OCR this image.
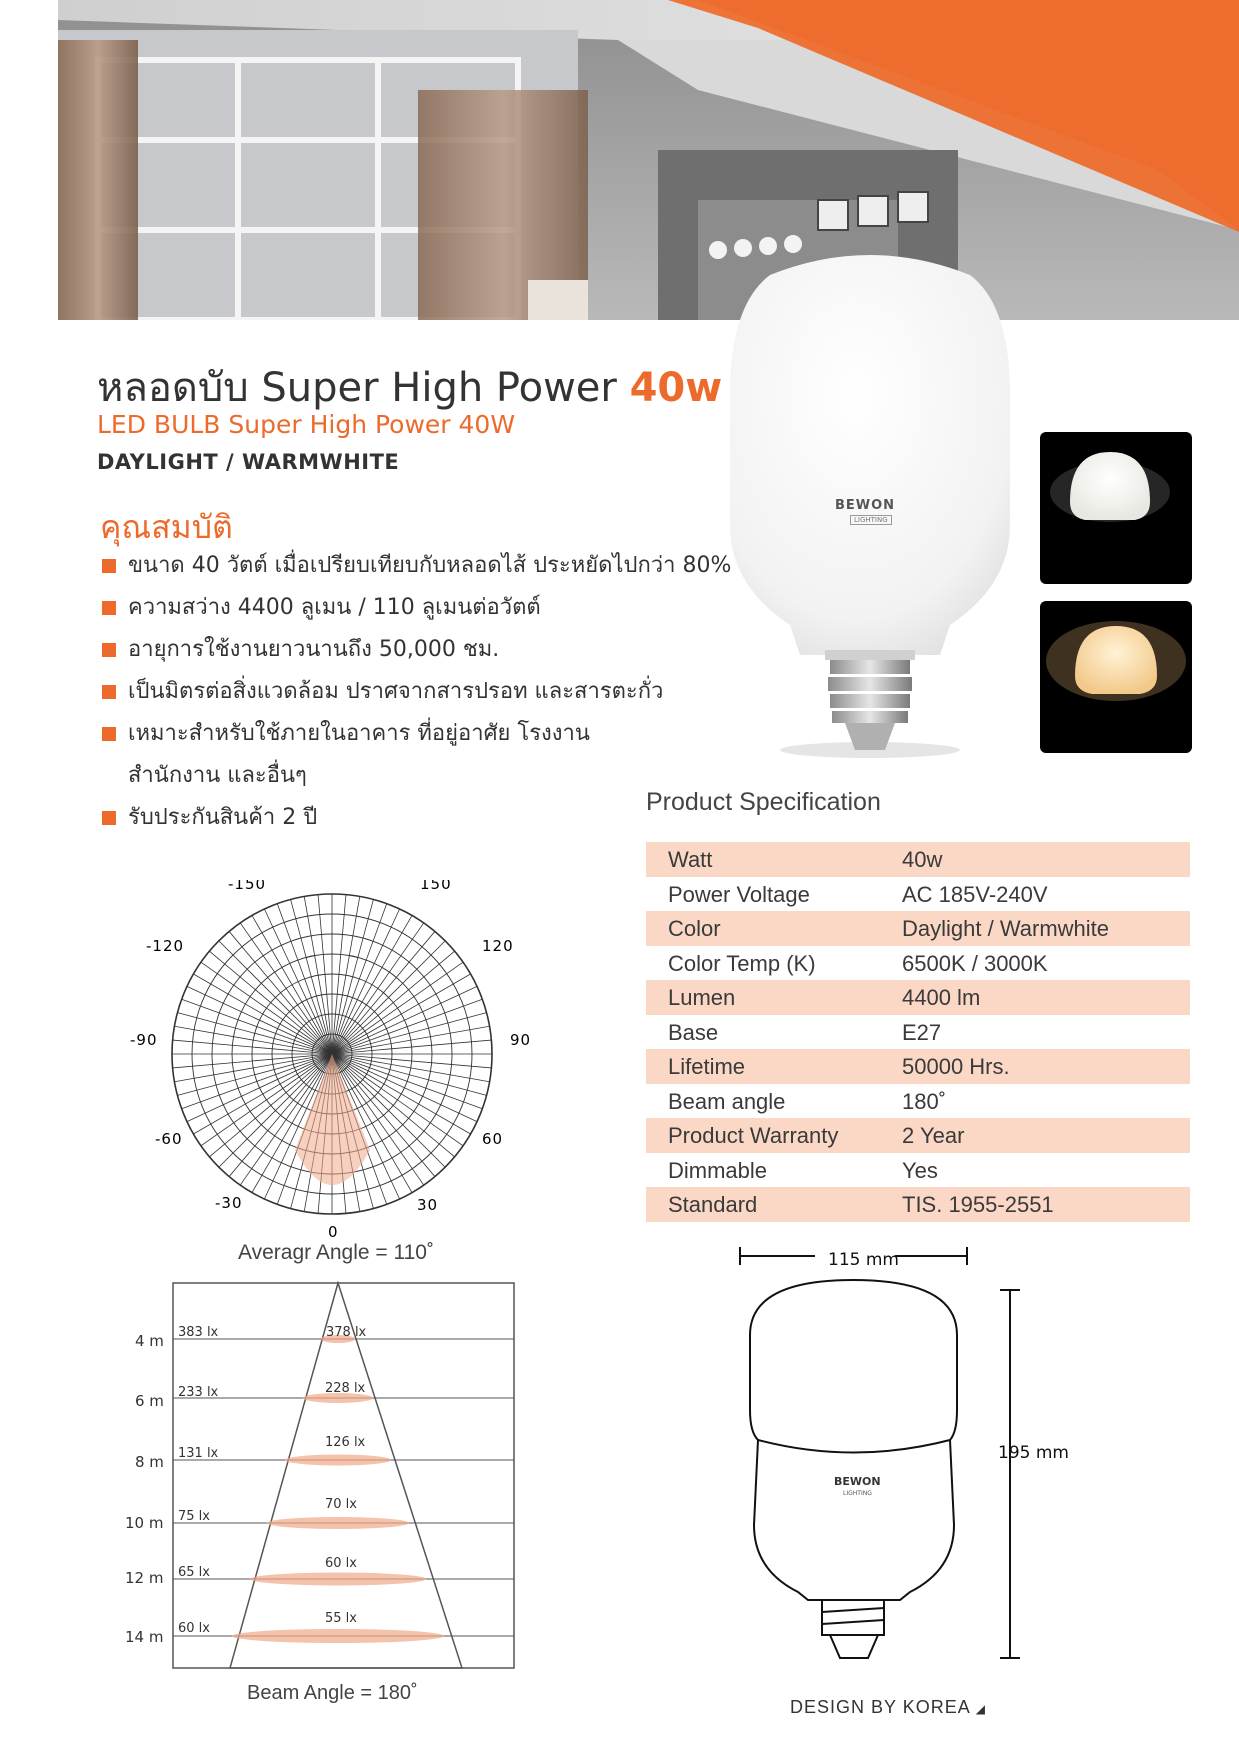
BEWON
LIGHTING
หลอดบับ Super High Power 40w
LED BULB Super High Power 40W
DAYLIGHT / WARMWHITE
คุณสมบัติ
ขนาด 40 วัตต์ เมื่อเปรียบเทียบกับหลอดไส้ ประหยัดไปกว่า 80%
ความสว่าง 4400 ลูเมน / 110 ลูเมนต่อวัตต์
อายุการใช้งานยาวนานถึง 50,000 ชม.
เป็นมิตรต่อสิ่งแวดล้อม ปราศจากสารปรอท และสารตะกั่ว
เหมาะสำหรับใช้ภายในอาคาร ที่อยู่อาศัย โรงงาน
สำนักงาน และอื่นๆ
รับประกันสินค้า 2 ปี
Product Specification
Watt	40w
Power Voltage	AC 185V-240V
Color	Daylight / Warmwhite
Color Temp (K)	6500K / 3000K
Lumen	4400 lm
Base	E27
Lifetime	50000 Hrs.
Beam angle	180˚
Product Warranty	2 Year
Dimmable	Yes
Standard	TIS. 1955-2551
-150	150
-120	120
-90	90
-60	60
-30	30
0
Averagr Angle = 110˚
4 m
6 m
8 m
10 m
12 m
14 m
383 lx
233 lx
131 lx
75 lx
65 lx
60 lx
378 lx
228 lx
126 lx
70 lx
60 lx
55 lx
Beam Angle = 180˚
115 mm
195 mm
BEWON
LIGHTING
DESIGN BY KOREA ◢
